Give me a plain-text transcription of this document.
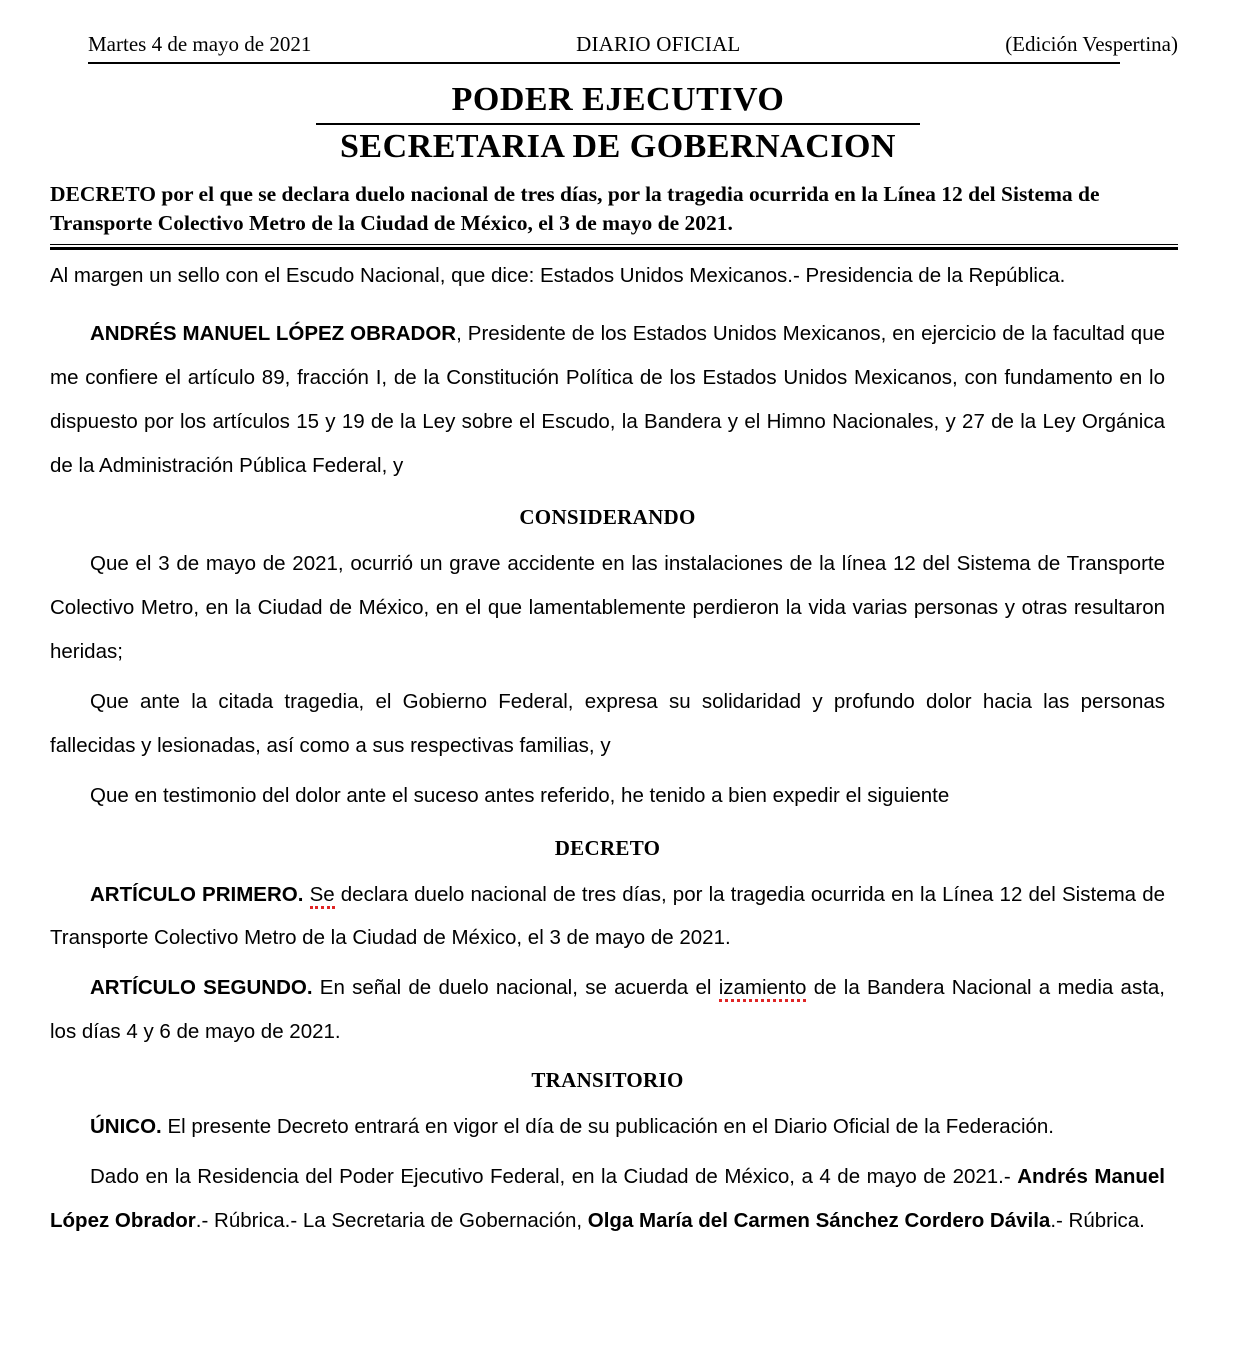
Martes 4 de mayo de 2021	DIARIO OFICIAL	(Edición Vespertina)
PODER EJECUTIVO
SECRETARIA DE GOBERNACION
DECRETO por el que se declara duelo nacional de tres días, por la tragedia ocurrida en la Línea 12 del Sistema de Transporte Colectivo Metro de la Ciudad de México, el 3 de mayo de 2021.

Al margen un sello con el Escudo Nacional, que dice: Estados Unidos Mexicanos.- Presidencia de la República.

ANDRÉS MANUEL LÓPEZ OBRADOR, Presidente de los Estados Unidos Mexicanos, en ejercicio de la facultad que me confiere el artículo 89, fracción I, de la Constitución Política de los Estados Unidos Mexicanos, con fundamento en lo dispuesto por los artículos 15 y 19 de la Ley sobre el Escudo, la Bandera y el Himno Nacionales, y 27 de la Ley Orgánica de la Administración Pública Federal, y

CONSIDERANDO

Que el 3 de mayo de 2021, ocurrió un grave accidente en las instalaciones de la línea 12 del Sistema de Transporte Colectivo Metro, en la Ciudad de México, en el que lamentablemente perdieron la vida varias personas y otras resultaron heridas;

Que ante la citada tragedia, el Gobierno Federal, expresa su solidaridad y profundo dolor hacia las personas fallecidas y lesionadas, así como a sus respectivas familias, y

Que en testimonio del dolor ante el suceso antes referido, he tenido a bien expedir el siguiente

DECRETO

ARTÍCULO PRIMERO. Se declara duelo nacional de tres días, por la tragedia ocurrida en la Línea 12 del Sistema de Transporte Colectivo Metro de la Ciudad de México, el 3 de mayo de 2021.

ARTÍCULO SEGUNDO. En señal de duelo nacional, se acuerda el izamiento de la Bandera Nacional a media asta, los días 4 y 6 de mayo de 2021.

TRANSITORIO

ÚNICO. El presente Decreto entrará en vigor el día de su publicación en el Diario Oficial de la Federación.

Dado en la Residencia del Poder Ejecutivo Federal, en la Ciudad de México, a 4 de mayo de 2021.- Andrés Manuel López Obrador.- Rúbrica.- La Secretaria de Gobernación, Olga María del Carmen Sánchez Cordero Dávila.- Rúbrica.
